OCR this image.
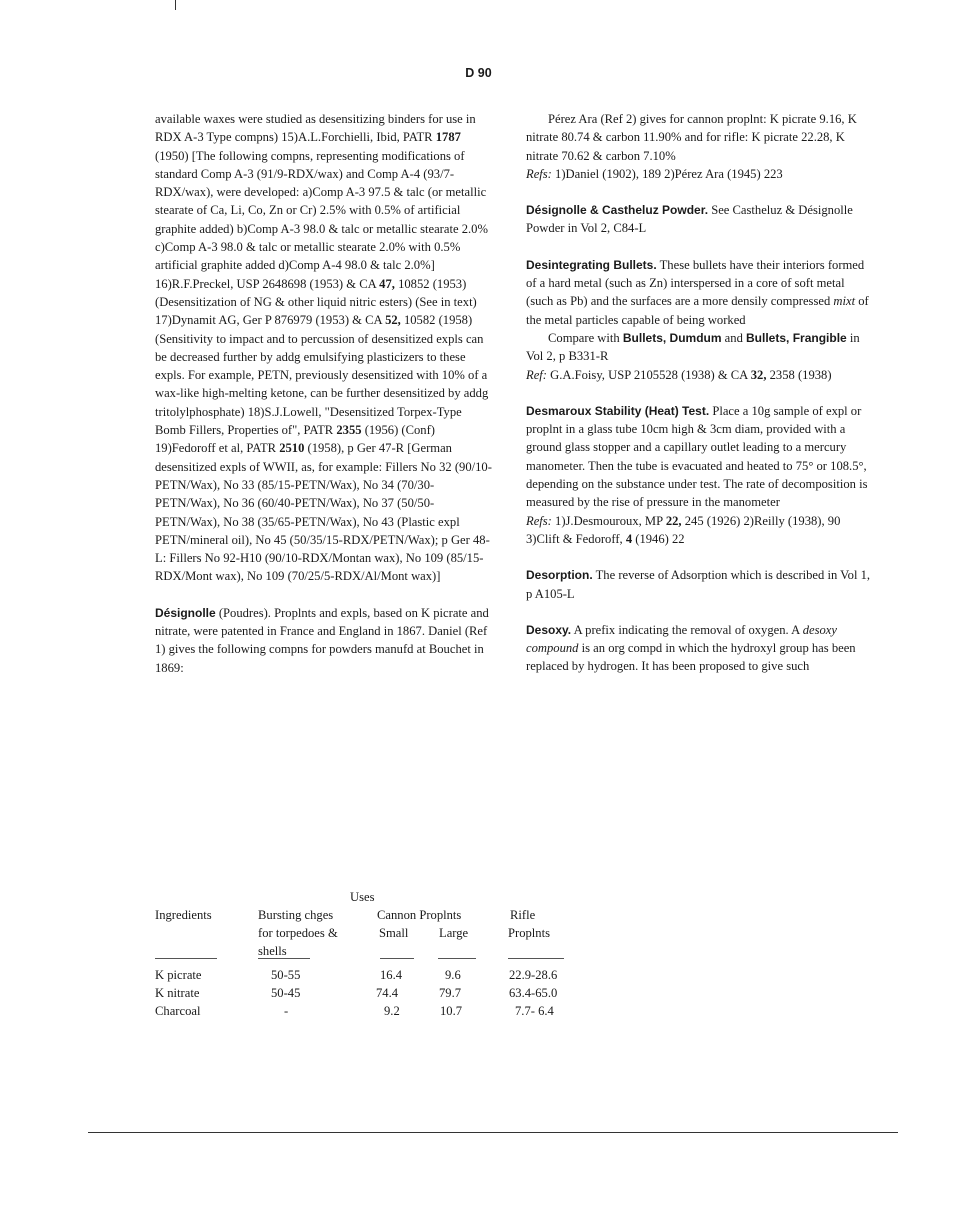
D 90

available waxes were studied as desensitizing binders for use in RDX A-3 Type compns) 15)A.L.Forchielli, Ibid, PATR 1787 (1950) [The following compns, representing modifications of standard Comp A-3 (91/9-RDX/wax) and Comp A-4 (93/7-RDX/wax), were developed: a)Comp A-3 97.5 & talc (or metallic stearate of Ca, Li, Co, Zn or Cr) 2.5% with 0.5% of artificial graphite added) b)Comp A-3 98.0 & talc or metallic stearate 2.0% c)Comp A-3 98.0 & talc or metallic stearate 2.0% with 0.5% artificial graphite added d)Comp A-4 98.0 & talc 2.0%] 16)R.F.Preckel, USP 2648698 (1953) & CA 47, 10852 (1953) (Desensitization of NG & other liquid nitric esters) (See in text) 17)Dynamit AG, Ger P 876979 (1953) & CA 52, 10582 (1958) (Sensitivity to impact and to percussion of desensitized expls can be decreased further by addg emulsifying plasticizers to these expls. For example, PETN, previously desensitized with 10% of a wax-like high-melting ketone, can be further desensitized by addg tritolylphosphate) 18)S.J.Lowell, "Desensitized Torpex-Type Bomb Fillers, Properties of", PATR 2355 (1956) (Conf) 19)Fedoroff et al, PATR 2510 (1958), p Ger 47-R [German desensitized expls of WWII, as, for example: Fillers No 32 (90/10-PETN/Wax), No 33 (85/15-PETN/Wax), No 34 (70/30-PETN/Wax), No 36 (60/40-PETN/Wax), No 37 (50/50-PETN/Wax), No 38 (35/65-PETN/Wax), No 43 (Plastic expl PETN/mineral oil), No 45 (50/35/15-RDX/PETN/Wax); p Ger 48-L: Fillers No 92-H10 (90/10-RDX/Montan wax), No 109 (85/15-RDX/Mont wax), No 109 (70/25/5-RDX/Al/Mont wax)]

Désignolle (Poudres). Proplnts and expls, based on K picrate and nitrate, were patented in France and England in 1867. Daniel (Ref 1) gives the following compns for powders manufd at Bouchet in 1869:

Pérez Ara (Ref 2) gives for cannon proplnt: K picrate 9.16, K nitrate 80.74 & carbon 11.90% and for rifle: K picrate 22.28, K nitrate 70.62 & carbon 7.10%

Refs: 1)Daniel (1902), 189 2)Pérez Ara (1945) 223

Désignolle & Castheluz Powder. See Castheluz & Désignolle Powder in Vol 2, C84-L

Desintegrating Bullets. These bullets have their interiors formed of a hard metal (such as Zn) interspersed in a core of soft metal (such as Pb) and the surfaces are a more densily compressed mixt of the metal particles capable of being worked

Compare with Bullets, Dumdum and Bullets, Frangible in Vol 2, p B331-R

Ref: G.A.Foisy, USP 2105528 (1938) & CA 32, 2358 (1938)

Desmaroux Stability (Heat) Test. Place a 10g sample of expl or proplnt in a glass tube 10cm high & 3cm diam, provided with a ground glass stopper and a capillary outlet leading to a mercury manometer. Then the tube is evacuated and heated to 75° or 108.5°, depending on the substance under test. The rate of decomposition is measured by the rise of pressure in the manometer

Refs: 1)J.Desmouroux, MP 22, 245 (1926) 2)Reilly (1938), 90 3)Clift & Fedoroff, 4 (1946) 22

Desorption. The reverse of Adsorption which is described in Vol 1, p A105-L

Desoxy. A prefix indicating the removal of oxygen. A desoxy compound is an org compd in which the hydroxyl group has been replaced by hydrogen. It has been proposed to give such

Uses
Ingredients	Bursting chges
for torpedoes &
shells
Cannon Proplnts
Small Large
Rifle
Proplnts
K picrate	50-55	16.4	9.6	22.9-28.6
K nitrate	50-45	74.4	79.7	63.4-65.0
Charcoal	-	9.2	10.7	7.7- 6.4
